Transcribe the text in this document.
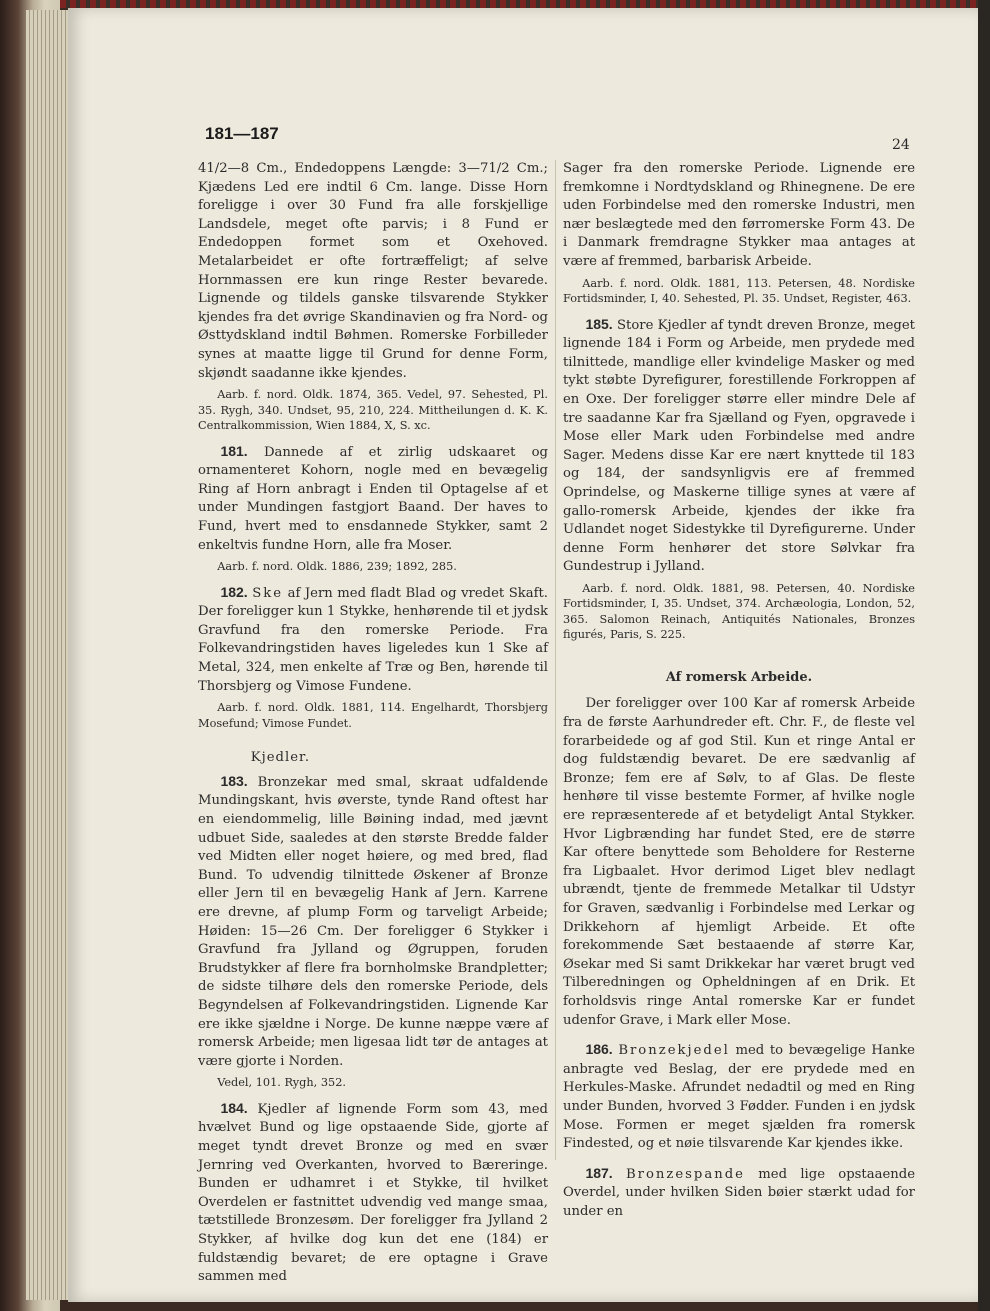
181—187
24

41/2—8 Cm., Endedoppens Længde: 3—71/2 Cm.; Kjædens Led ere indtil 6 Cm. lange. Disse Horn foreligge i over 30 Fund fra alle forskjellige Landsdele, meget ofte parvis; i 8 Fund er Endedoppen formet som et Oxehoved. Metalarbeidet er ofte fortræffeligt; af selve Hornmassen ere kun ringe Rester bevarede. Lignende og tildels ganske tilsvarende Stykker kjendes fra det øvrige Skandinavien og fra Nord- og Østtydskland indtil Bøhmen. Romerske Forbilleder synes at maatte ligge til Grund for denne Form, skjøndt saadanne ikke kjendes.

Aarb. f. nord. Oldk. 1874, 365. Vedel, 97. Sehested, Pl. 35. Rygh, 340. Undset, 95, 210, 224. Mittheilungen d. K. K. Centralkommission, Wien 1884, X, S. xc.

181. Dannede af et zirlig udskaaret og ornamenteret Kohorn, nogle med en bevægelig Ring af Horn anbragt i Enden til Optagelse af et under Mundingen fastgjort Baand. Der haves to Fund, hvert med to ensdannede Stykker, samt 2 enkeltvis fundne Horn, alle fra Moser.

Aarb. f. nord. Oldk. 1886, 239; 1892, 285.

182. Ske af Jern med fladt Blad og vredet Skaft. Der foreligger kun 1 Stykke, henhørende til et jydsk Gravfund fra den romerske Periode. Fra Folkevandringstiden haves ligeledes kun 1 Ske af Metal, 324, men enkelte af Træ og Ben, hørende til Thorsbjerg og Vimose Fundene.

Aarb. f. nord. Oldk. 1881, 114. Engelhardt, Thorsbjerg Mosefund; Vimose Fundet.

Kjedler.

183. Bronzekar med smal, skraat udfaldende Mundingskant, hvis øverste, tynde Rand oftest har en eiendommelig, lille Bøining indad, med jævnt udbuet Side, saaledes at den største Bredde falder ved Midten eller noget høiere, og med bred, flad Bund. To udvendig tilnittede Øskener af Bronze eller Jern til en bevægelig Hank af Jern. Karrene ere drevne, af plump Form og tarveligt Arbeide; Høiden: 15—26 Cm. Der foreligger 6 Stykker i Gravfund fra Jylland og Øgruppen, foruden Brudstykker af flere fra bornholmske Brandpletter; de sidste tilhøre dels den romerske Periode, dels Begyndelsen af Folkevandringstiden. Lignende Kar ere ikke sjældne i Norge. De kunne næppe være af romersk Arbeide; men ligesaa lidt tør de antages at være gjorte i Norden.

Vedel, 101. Rygh, 352.

184. Kjedler af lignende Form som 43, med hvælvet Bund og lige opstaaende Side, gjorte af meget tyndt drevet Bronze og med en svær Jernring ved Overkanten, hvorved to Bæreringe. Bunden er udhamret i et Stykke, til hvilket Overdelen er fastnittet udvendig ved mange smaa, tætstillede Bronzesøm. Der foreligger fra Jylland 2 Stykker, af hvilke dog kun det ene (184) er fuldstændig bevaret; de ere optagne i Grave sammen med

Sager fra den romerske Periode. Lignende ere fremkomne i Nordtydskland og Rhinegnene. De ere uden Forbindelse med den romerske Industri, men nær beslægtede med den førromerske Form 43. De i Danmark fremdragne Stykker maa antages at være af fremmed, barbarisk Arbeide.

Aarb. f. nord. Oldk. 1881, 113. Petersen, 48. Nordiske Fortidsminder, I, 40. Sehested, Pl. 35. Undset, Register, 463.

185. Store Kjedler af tyndt dreven Bronze, meget lignende 184 i Form og Arbeide, men prydede med tilnittede, mandlige eller kvindelige Masker og med tykt støbte Dyrefigurer, forestillende Forkroppen af en Oxe. Der foreligger større eller mindre Dele af tre saadanne Kar fra Sjælland og Fyen, opgravede i Mose eller Mark uden Forbindelse med andre Sager. Medens disse Kar ere nært knyttede til 183 og 184, der sandsynligvis ere af fremmed Oprindelse, og Maskerne tillige synes at være af gallo-romersk Arbeide, kjendes der ikke fra Udlandet noget Sidestykke til Dyrefigurerne. Under denne Form henhører det store Sølvkar fra Gundestrup i Jylland.

Aarb. f. nord. Oldk. 1881, 98. Petersen, 40. Nordiske Fortidsminder, I, 35. Undset, 374. Archæologia, London, 52, 365. Salomon Reinach, Antiquités Nationales, Bronzes figurés, Paris, S. 225.

Af romersk Arbeide.

Der foreligger over 100 Kar af romersk Arbeide fra de første Aarhundreder eft. Chr. F., de fleste vel forarbeidede og af god Stil. Kun et ringe Antal er dog fuldstændig bevaret. De ere sædvanlig af Bronze; fem ere af Sølv, to af Glas. De fleste henhøre til visse bestemte Former, af hvilke nogle ere repræsenterede af et betydeligt Antal Stykker. Hvor Ligbrænding har fundet Sted, ere de større Kar oftere benyttede som Beholdere for Resterne fra Ligbaalet. Hvor derimod Liget blev nedlagt ubrændt, tjente de fremmede Metalkar til Udstyr for Graven, sædvanlig i Forbindelse med Lerkar og Drikkehorn af hjemligt Arbeide. Et ofte forekommende Sæt bestaaende af større Kar, Øsekar med Si samt Drikkekar har været brugt ved Tilberedningen og Opheldningen af en Drik. Et forholdsvis ringe Antal romerske Kar er fundet udenfor Grave, i Mark eller Mose.

186. Bronzekjedel med to bevægelige Hanke anbragte ved Beslag, der ere prydede med en Herkules-Maske. Afrundet nedadtil og med en Ring under Bunden, hvorved 3 Fødder. Funden i en jydsk Mose. Formen er meget sjælden fra romersk Findested, og et nøie tilsvarende Kar kjendes ikke.

187. Bronzespande med lige opstaaende Overdel, under hvilken Siden bøier stærkt udad for under en
